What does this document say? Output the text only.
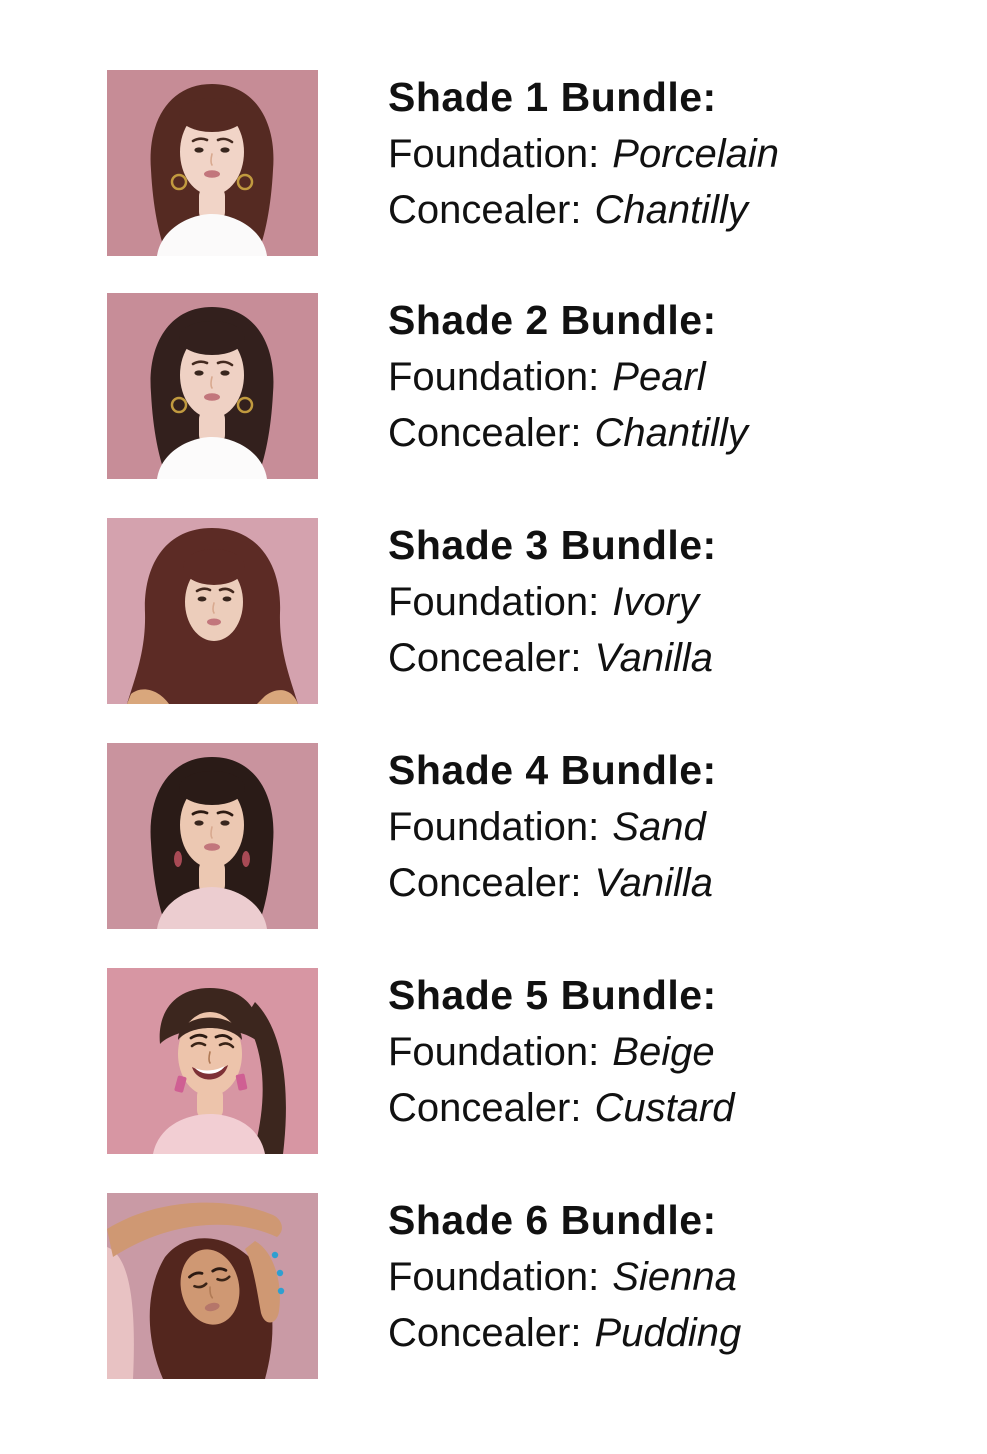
Shade 1 Bundle:

Foundation: Porcelain

Concealer: Chantilly

Shade 2 Bundle:

Foundation: Pearl

Concealer: Chantilly

Shade 3 Bundle:

Foundation: Ivory

Concealer: Vanilla

Shade 4 Bundle:

Foundation: Sand

Concealer: Vanilla

Shade 5 Bundle:

Foundation: Beige

Concealer: Custard

Shade 6 Bundle:

Foundation: Sienna

Concealer: Pudding
